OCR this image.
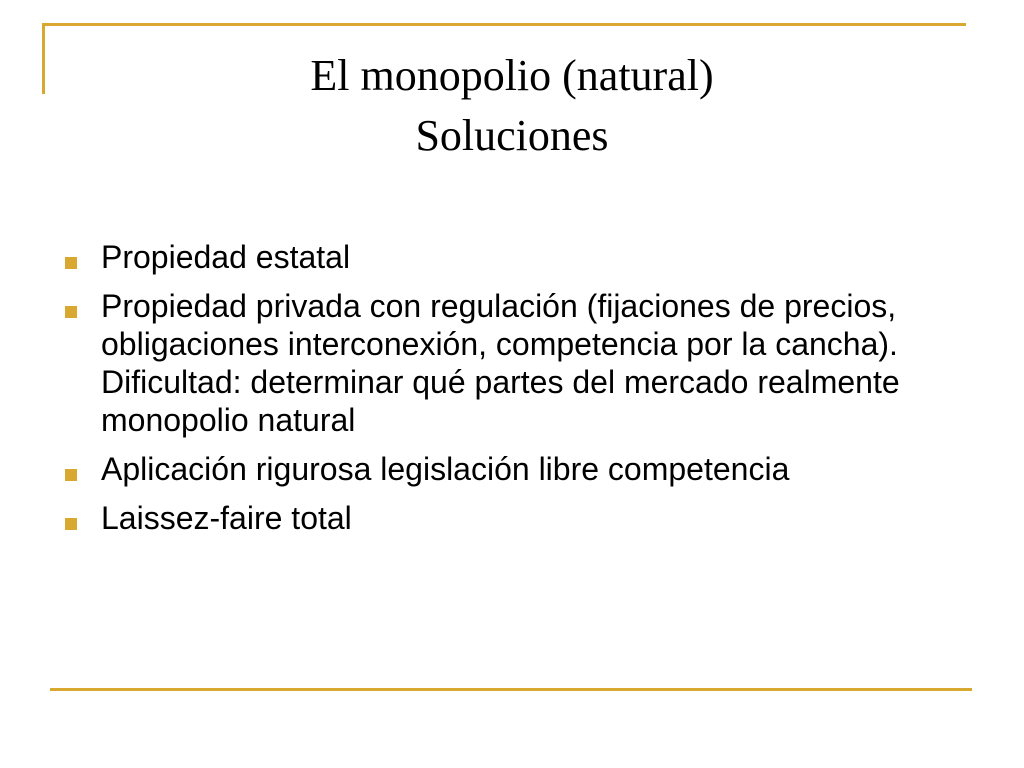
El monopolio (natural)
Soluciones
Propiedad estatal
Propiedad privada con regulación (fijaciones de precios, obligaciones interconexión, competencia por la cancha). Dificultad: determinar qué partes del mercado realmente monopolio natural
Aplicación rigurosa legislación libre competencia
Laissez-faire total
